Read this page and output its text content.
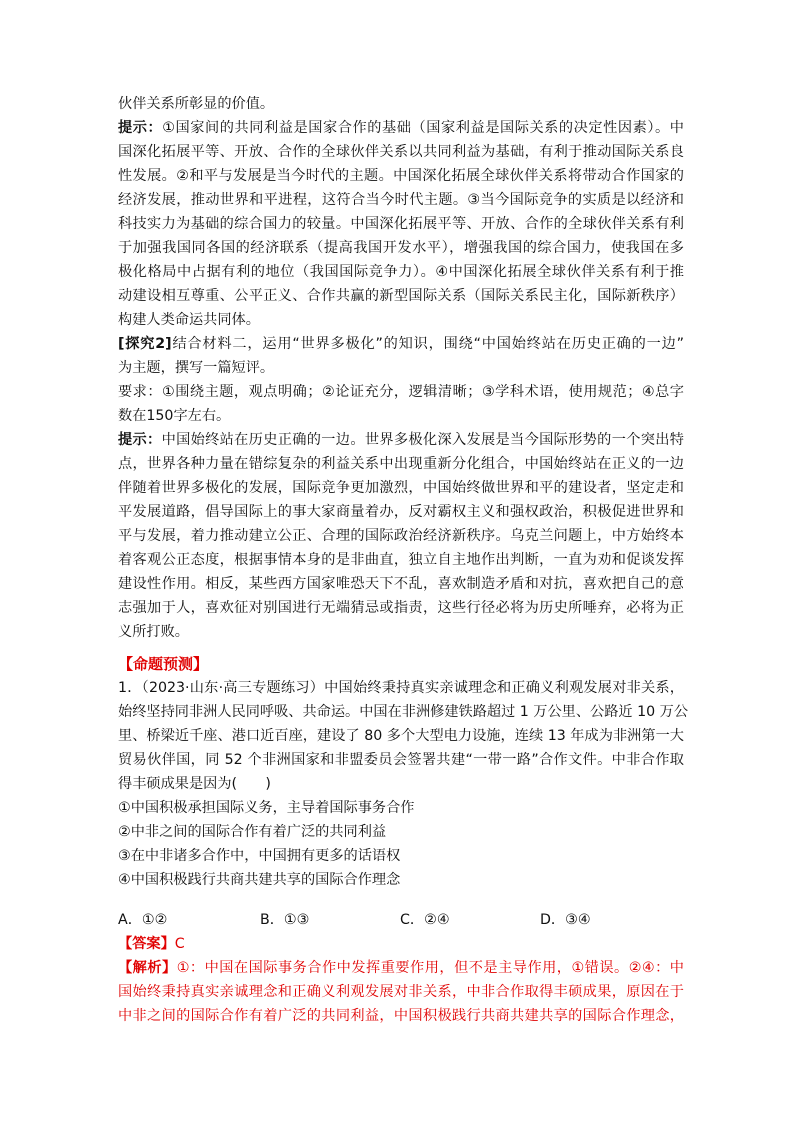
伙伴关系所彰显的价值。
提示：①国家间的共同利益是国家合作的基础（国家利益是国际关系的决定性因素）。中
国深化拓展平等、开放、合作的全球伙伴关系以共同利益为基础，有利于推动国际关系良
性发展。②和平与发展是当今时代的主题。中国深化拓展全球伙伴关系将带动合作国家的
经济发展，推动世界和平进程，这符合当今时代主题。③当今国际竞争的实质是以经济和
科技实力为基础的综合国力的较量。中国深化拓展平等、开放、合作的全球伙伴关系有利
于加强我国同各国的经济联系（提高我国开发水平），增强我国的综合国力，使我国在多
极化格局中占据有利的地位（我国国际竞争力）。④中国深化拓展全球伙伴关系有利于推
动建设相互尊重、公平正义、合作共赢的新型国际关系（国际关系民主化，国际新秩序）
构建人类命运共同体。
[探究2]结合材料二，运用“世界多极化”的知识，围绕“中国始终站在历史正确的一边”
为主题，撰写一篇短评。
要求：①围绕主题，观点明确；②论证充分，逻辑清晰；③学科术语，使用规范；④总字
数在150字左右。
提示：中国始终站在历史正确的一边。世界多极化深入发展是当今国际形势的一个突出特
点，世界各种力量在错综复杂的利益关系中出现重新分化组合，中国始终站在正义的一边
伴随着世界多极化的发展，国际竞争更加激烈，中国始终做世界和平的建设者，坚定走和
平发展道路，倡导国际上的事大家商量着办，反对霸权主义和强权政治，积极促进世界和
平与发展，着力推动建立公正、合理的国际政治经济新秩序。乌克兰问题上，中方始终本
着客观公正态度，根据事情本身的是非曲直，独立自主地作出判断，一直为劝和促谈发挥
建设性作用。相反，某些西方国家唯恐天下不乱，喜欢制造矛盾和对抗，喜欢把自己的意
志强加于人，喜欢征对别国进行无端猜忌或指责，这些行径必将为历史所唾弃，必将为正
义所打败。
【命题预测】
1．（2023·山东·高三专题练习）中国始终秉持真实亲诚理念和正确义利观发展对非关系，
始终坚持同非洲人民同呼吸、共命运。中国在非洲修建铁路超过 1 万公里、公路近 10 万公
里、桥梁近千座、港口近百座，建设了 80 多个大型电力设施，连续 13 年成为非洲第一大
贸易伙伴国，同 52 个非洲国家和非盟委员会签署共建“一带一路”合作文件。中非合作取
得丰硕成果是因为(　　)
①中国积极承担国际义务，主导着国际事务合作
②中非之间的国际合作有着广泛的共同利益
③在中非诸多合作中，中国拥有更多的话语权
④中国积极践行共商共建共享的国际合作理念
A．①②	B．①③	C．②④	D．③④
【答案】C
【解析】①：中国在国际事务合作中发挥重要作用，但不是主导作用，①错误。②④：中
国始终秉持真实亲诚理念和正确义利观发展对非关系，中非合作取得丰硕成果，原因在于
中非之间的国际合作有着广泛的共同利益，中国积极践行共商共建共享的国际合作理念，
